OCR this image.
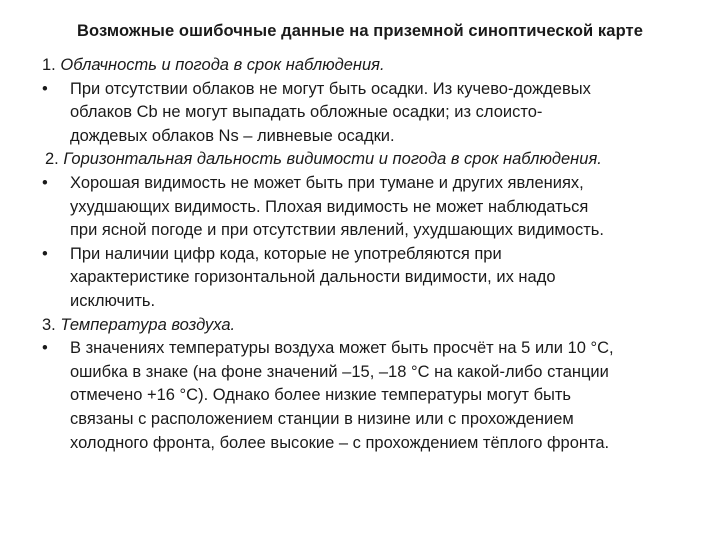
Возможные ошибочные данные на приземной синоптической карте

1. Облачность и погода в срок наблюдения.

•	При отсутствии облаков не могут быть осадки. Из кучево-дождевых
облаков Cb не могут выпадать обложные осадки; из слоисто-
дождевых облаков Ns – ливневые осадки.

2. Горизонтальная дальность видимости и погода в срок наблюдения.

•	Хорошая видимость не может быть при тумане и других явлениях,
ухудшающих видимость. Плохая видимость не может наблюдаться
при ясной погоде и при отсутствии явлений, ухудшающих видимость.
•	При наличии цифр кода, которые не употребляются при
характеристике горизонтальной дальности видимости, их надо
исключить.

3. Температура воздуха.

•	В значениях температуры воздуха может быть просчёт на 5 или 10 °C,
ошибка в знаке (на фоне значений –15, –18 °C на какой-либо станции
отмечено +16 °C). Однако более низкие температуры могут быть
связаны с расположением станции в низине или с прохождением
холодного фронта, более высокие – с прохождением тёплого фронта.
